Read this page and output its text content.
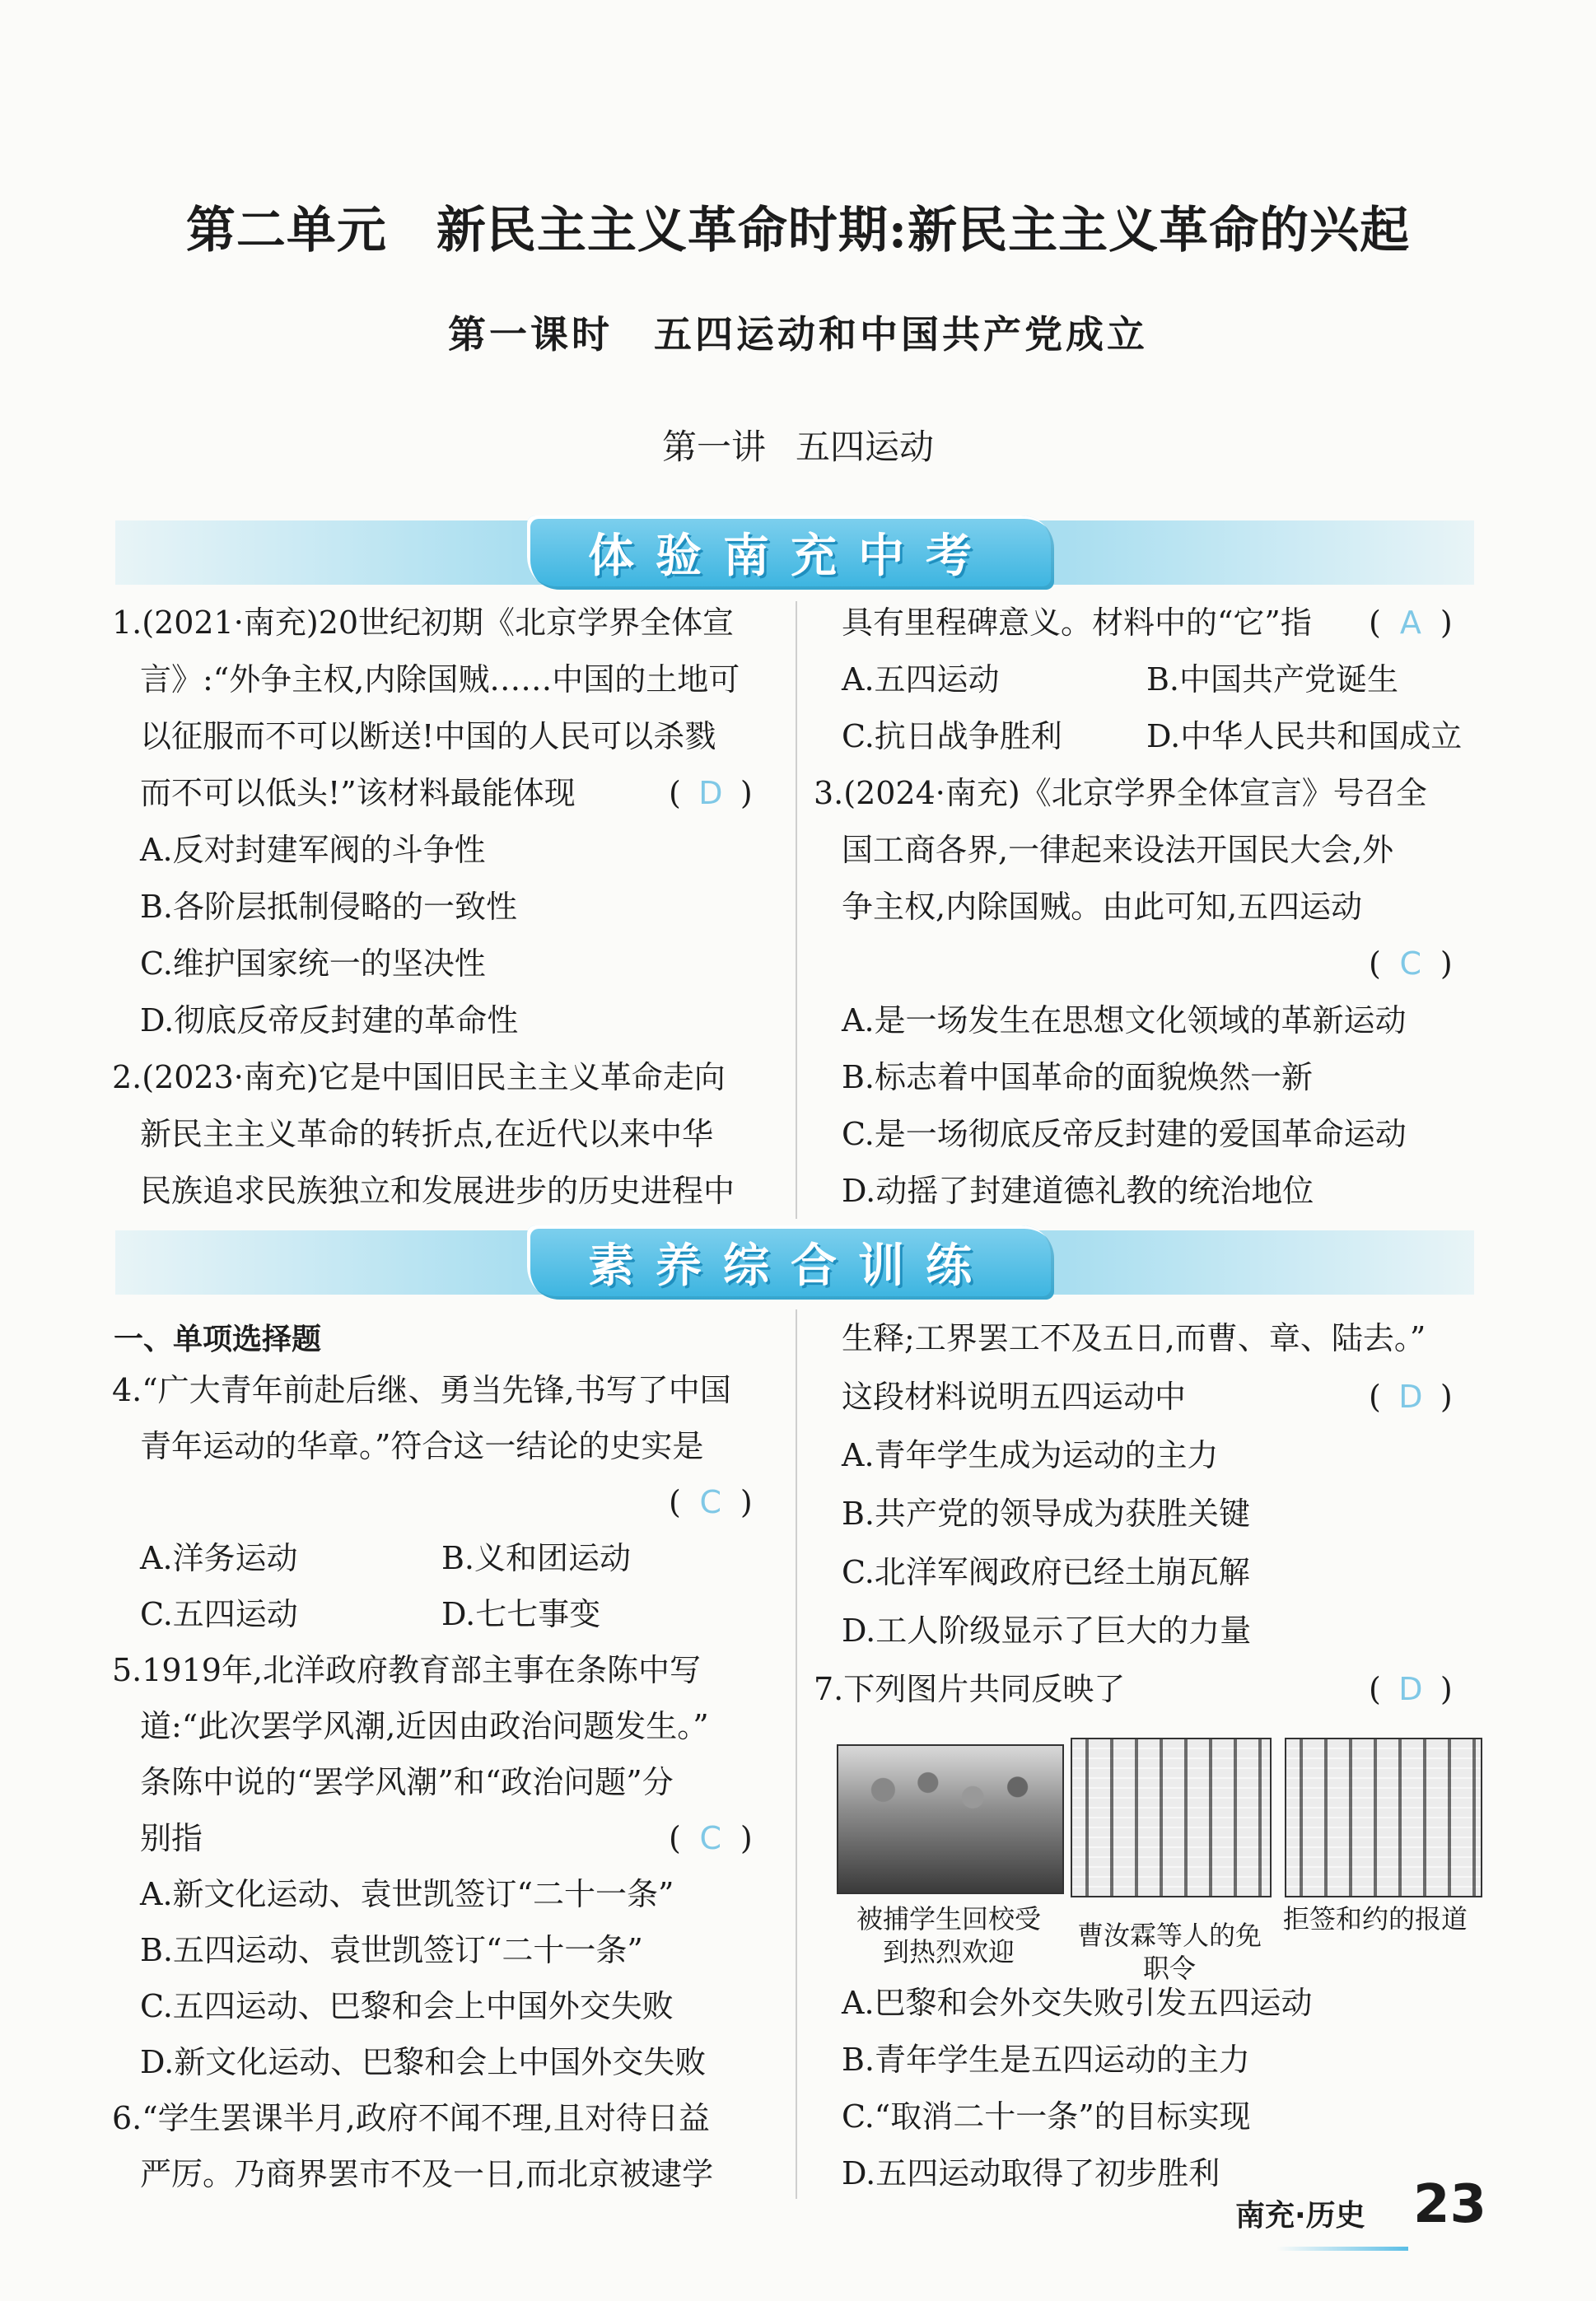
第二单元 新民主主义革命时期:新民主主义革命的兴起
第一课时 五四运动和中国共产党成立
第一讲 五四运动
体验南充中考
1.(2021·南充)20世纪初期《北京学界全体宣
言》:“外争主权,内除国贼……中国的土地可
以征服而不可以断送!中国的人民可以杀戮
而不可以低头!”该材料最能体现	( D )
A.反对封建军阀的斗争性
B.各阶层抵制侵略的一致性
C.维护国家统一的坚决性
D.彻底反帝反封建的革命性
2.(2023·南充)它是中国旧民主主义革命走向
新民主主义革命的转折点,在近代以来中华
民族追求民族独立和发展进步的历史进程中
具有里程碑意义。材料中的“它”指 ( A )
A.五四运动	B.中国共产党诞生
C.抗日战争胜利	D.中华人民共和国成立
3.(2024·南充)《北京学界全体宣言》号召全
国工商各界,一律起来设法开国民大会,外
争主权,内除国贼。由此可知,五四运动
( C )
A.是一场发生在思想文化领域的革新运动
B.标志着中国革命的面貌焕然一新
C.是一场彻底反帝反封建的爱国革命运动
D.动摇了封建道德礼教的统治地位
素养综合训练
一、单项选择题
4.“广大青年前赴后继、勇当先锋,书写了中国
青年运动的华章。”符合这一结论的史实是
( C )
A.洋务运动	B.义和团运动
C.五四运动	D.七七事变
5.1919年,北洋政府教育部主事在条陈中写
道:“此次罢学风潮,近因由政治问题发生。”
条陈中说的“罢学风潮”和“政治问题”分
别指	( C )
A.新文化运动、袁世凯签订“二十一条”
B.五四运动、袁世凯签订“二十一条”
C.五四运动、巴黎和会上中国外交失败
D.新文化运动、巴黎和会上中国外交失败
6.“学生罢课半月,政府不闻不理,且对待日益
严厉。乃商界罢市不及一日,而北京被逮学
生释;工界罢工不及五日,而曹、章、陆去。”
这段材料说明五四运动中	( D )
A.青年学生成为运动的主力
B.共产党的领导成为获胜关键
C.北洋军阀政府已经土崩瓦解
D.工人阶级显示了巨大的力量
7.下列图片共同反映了	( D )
被捕学生回校受到热烈欢迎
曹汝霖等人的免职令
拒签和约的报道
A.巴黎和会外交失败引发五四运动
B.青年学生是五四运动的主力
C.“取消二十一条”的目标实现
D.五四运动取得了初步胜利
南充·历史 23
